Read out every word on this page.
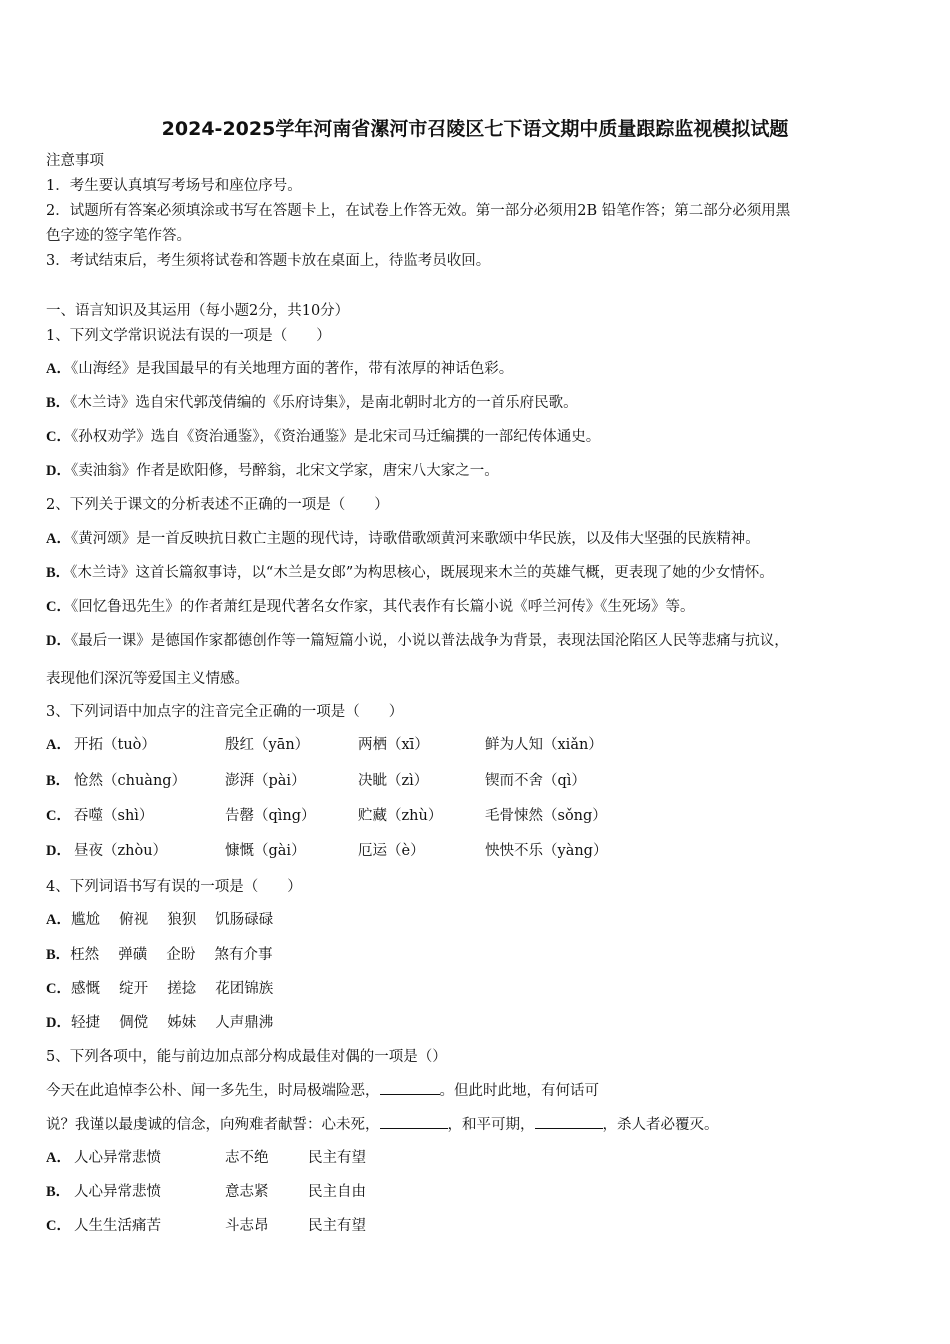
2024-2025学年河南省漯河市召陵区七下语文期中质量跟踪监视模拟试题
注意事项
1．考生要认真填写考场号和座位序号。
2．试题所有答案必须填涂或书写在答题卡上，在试卷上作答无效。第一部分必须用2B 铅笔作答；第二部分必须用黑
色字迹的签字笔作答。
3．考试结束后，考生须将试卷和答题卡放在桌面上，待监考员收回。
一、语言知识及其运用（每小题2分，共10分）
1、下列文学常识说法有误的一项是（　　）
A．《山海经》是我国最早的有关地理方面的著作，带有浓厚的神话色彩。
B．《木兰诗》选自宋代郭茂倩编的《乐府诗集》，是南北朝时北方的一首乐府民歌。
C．《孙权劝学》选自《资治通鉴》，《资治通鉴》是北宋司马迁编撰的一部纪传体通史。
D．《卖油翁》作者是欧阳修，号醉翁，北宋文学家，唐宋八大家之一。
2、下列关于课文的分析表述不正确的一项是（　　）
A．《黄河颂》是一首反映抗日救亡主题的现代诗，诗歌借歌颂黄河来歌颂中华民族，以及伟大坚强的民族精神。
B．《木兰诗》这首长篇叙事诗，以“木兰是女郎”为构思核心，既展现来木兰的英雄气概，更表现了她的少女情怀。
C．《回忆鲁迅先生》的作者萧红是现代著名女作家，其代表作有长篇小说《呼兰河传》《生死场》等。
D．《最后一课》是德国作家都德创作等一篇短篇小说，小说以普法战争为背景，表现法国沦陷区人民等悲痛与抗议，
表现他们深沉等爱国主义情感。
3、下列词语中加点字的注音完全正确的一项是（　　）
A． 开拓（tuò）	殷红（yān）	两栖（xī）	鲜为人知（xiǎn）
B． 怆然（chuàng）	澎湃（pài）	决眦（zì）	锲而不舍（qì）
C． 吞噬（shì）	告罄（qìng）	贮藏（zhù）	毛骨悚然（sǒng）
D． 昼夜（zhòu）	慷慨（gài）	厄运（è）	怏怏不乐（yàng）
4、下列词语书写有误的一项是（　　）
A．尴尬　 俯视　 狼狈　 饥肠碌碌
B．枉然　 弹磺　 企盼　 煞有介事
C．感慨　 绽开　 搓捻　 花团锦族
D．轻捷　 倜傥　 姊妹　 人声鼎沸
5、下列各项中，能与前边加点部分构成最佳对偶的一项是（）
今天在此追悼李公朴、闻一多先生，时局极端险恶，	。但此时此地，有何话可
说？我谨以最虔诚的信念，向殉难者献誓：心未死，	，和平可期，	，杀人者必覆灭。
A． 人心异常悲愤	志不绝	民主有望
B． 人心异常悲愤	意志紧	民主自由
C． 人生生活痛苦	斗志昂	民主有望
